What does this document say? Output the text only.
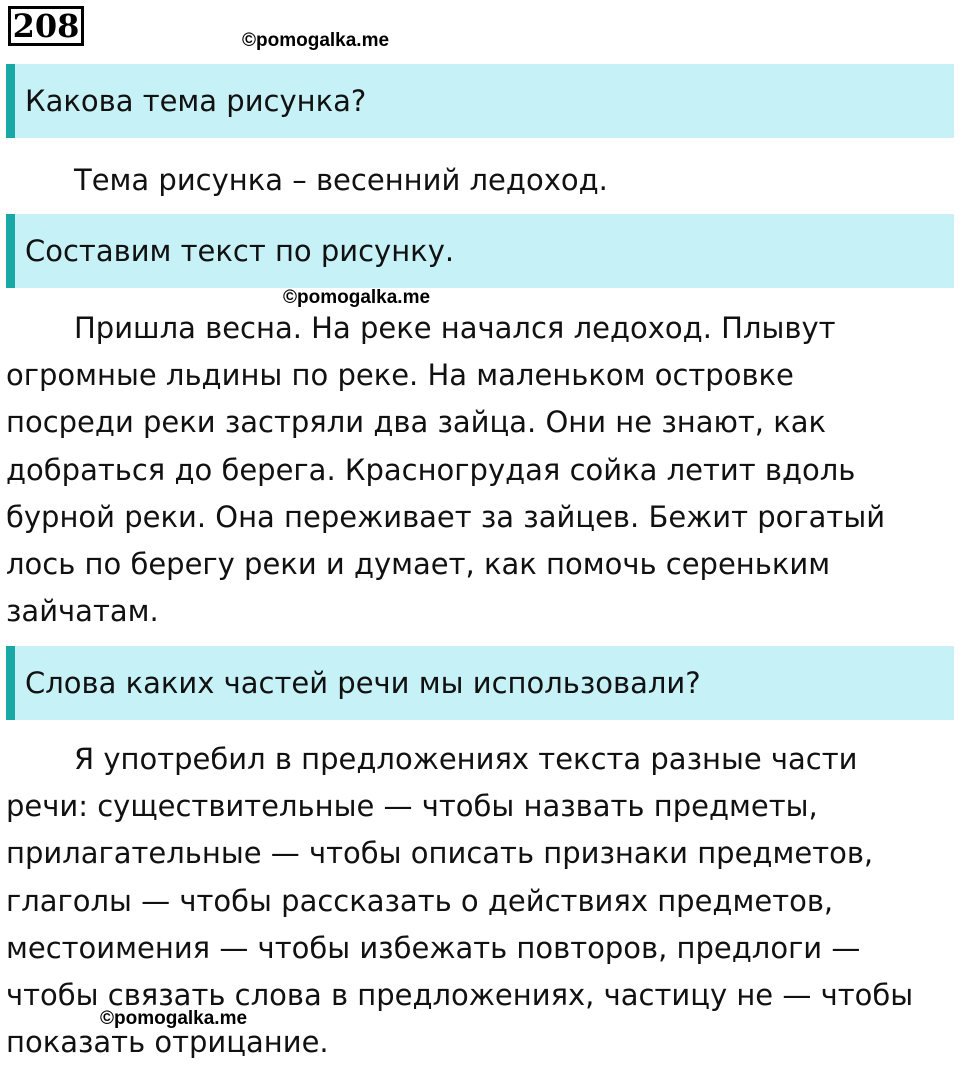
208	©pomogalka.me
Какова тема рисунка?
Тема рисунка – весенний ледоход.
Составим текст по рисунку.
©pomogalka.me
Пришла весна. На реке начался ледоход. Плывут
огромные льдины по реке. На маленьком островке
посреди реки застряли два зайца. Они не знают, как
добраться до берега. Красногрудая сойка летит вдоль
бурной реки. Она переживает за зайцев. Бежит рогатый
лось по берегу реки и думает, как помочь сереньким
зайчатам.
Слова каких частей речи мы использовали?
Я употребил в предложениях текста разные части
речи: существительные — чтобы назвать предметы,
прилагательные — чтобы описать признаки предметов,
глаголы — чтобы рассказать о действиях предметов,
местоимения — чтобы избежать повторов, предлоги —
чтобы связать слова в предложениях, частицу не — чтобы
показать отрицание.
©pomogalka.me
